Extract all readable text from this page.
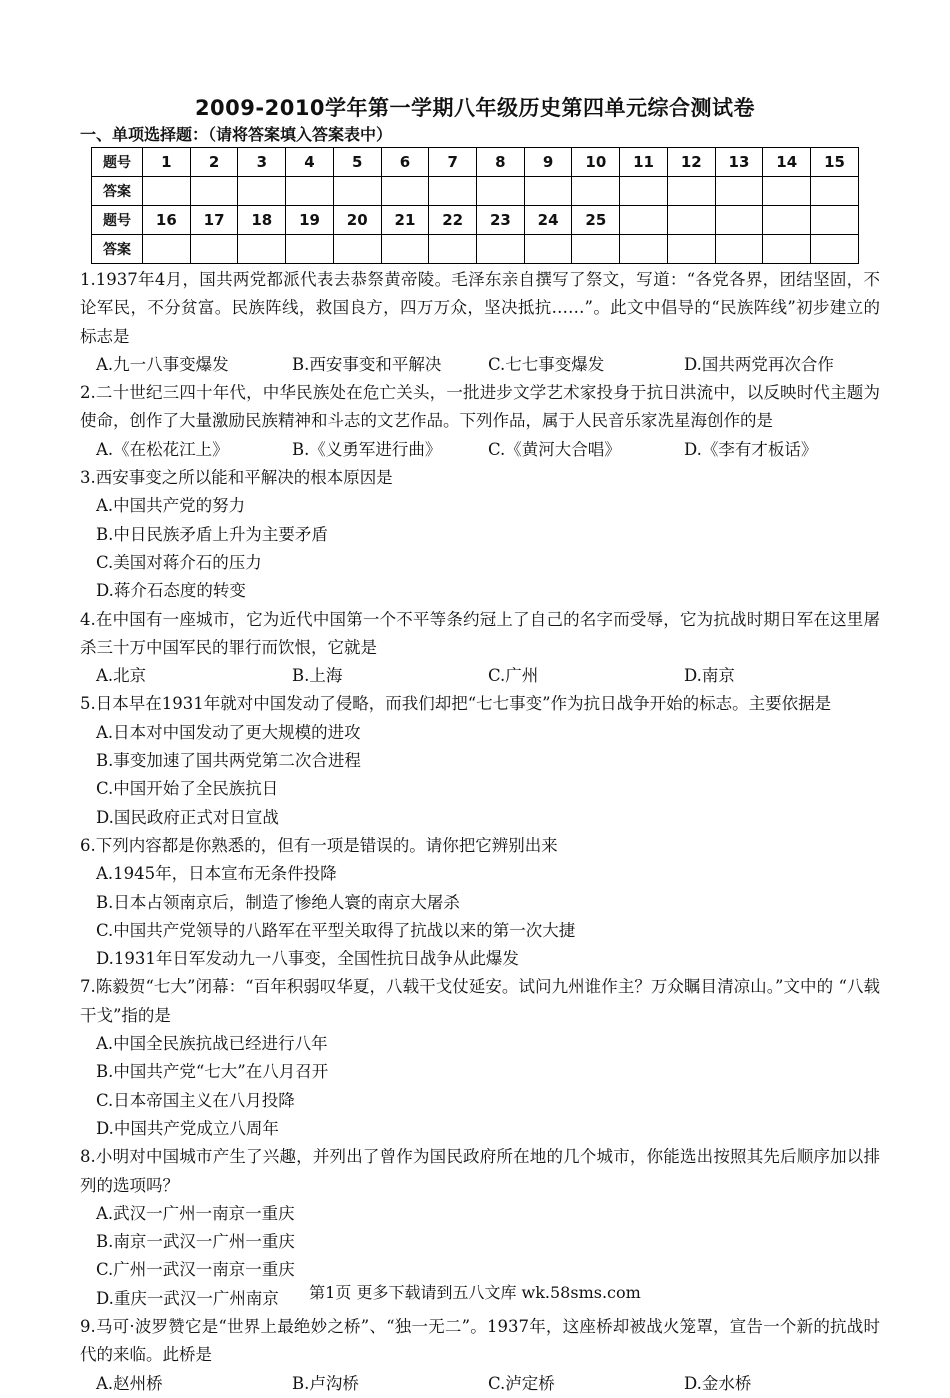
2009-2010学年第一学期八年级历史第四单元综合测试卷
一、单项选择题：（请将答案填入答案表中）
题号	1	2	3	4	5	6	7	8	9	10	11	12	13	14	15
答案															
题号	16	17	18	19	20	21	22	23	24	25					
答案															
1.1937年4月，国共两党都派代表去恭祭黄帝陵。毛泽东亲自撰写了祭文，写道：“各党各界，团结坚固，不论军民，不分贫富。民族阵线，救国良方，四万万众，坚决抵抗……”。此文中倡导的“民族阵线”初步建立的标志是
A.九一八事变爆发	B.西安事变和平解决	C.七七事变爆发	D.国共两党再次合作
2.二十世纪三四十年代，中华民族处在危亡关头，一批进步文学艺术家投身于抗日洪流中，以反映时代主题为使命，创作了大量激励民族精神和斗志的文艺作品。下列作品，属于人民音乐家冼星海创作的是
A.《在松花江上》	B.《义勇军进行曲》	C.《黄河大合唱》	D.《李有才板话》
3.西安事变之所以能和平解决的根本原因是
A.中国共产党的努力
B.中日民族矛盾上升为主要矛盾
C.美国对蒋介石的压力
D.蒋介石态度的转变
4.在中国有一座城市，它为近代中国第一个不平等条约冠上了自己的名字而受辱，它为抗战时期日军在这里屠杀三十万中国军民的罪行而饮恨，它就是
A.北京	B.上海	C.广州	D.南京
5.日本早在1931年就对中国发动了侵略，而我们却把“七七事变”作为抗日战争开始的标志。主要依据是
A.日本对中国发动了更大规模的进攻
B.事变加速了国共两党第二次合进程
C.中国开始了全民族抗日
D.国民政府正式对日宣战
6.下列内容都是你熟悉的，但有一项是错误的。请你把它辨别出来
A.1945年，日本宣布无条件投降
B.日本占领南京后，制造了惨绝人寰的南京大屠杀
C.中国共产党领导的八路军在平型关取得了抗战以来的第一次大捷
D.1931年日军发动九一八事变，全国性抗日战争从此爆发
7.陈毅贺“七大”闭幕：“百年积弱叹华夏，八载干戈仗延安。试问九州谁作主？万众瞩目清凉山。”文中的 “八载干戈”指的是
A.中国全民族抗战已经进行八年
B.中国共产党“七大”在八月召开
C.日本帝国主义在八月投降
D.中国共产党成立八周年
8.小明对中国城市产生了兴趣，并列出了曾作为国民政府所在地的几个城市，你能选出按照其先后顺序加以排列的选项吗？
A.武汉一广州一南京一重庆
B.南京一武汉一广州一重庆
C.广州一武汉一南京一重庆
D.重庆一武汉一广州南京
9.马可·波罗赞它是“世界上最绝妙之桥”、“独一无二”。1937年，这座桥却被战火笼罩，宣告一个新的抗战时代的来临。此桥是
A.赵州桥	B.卢沟桥	C.泸定桥	D.金水桥
第1页 更多下载请到五八文库 wk.58sms.com
